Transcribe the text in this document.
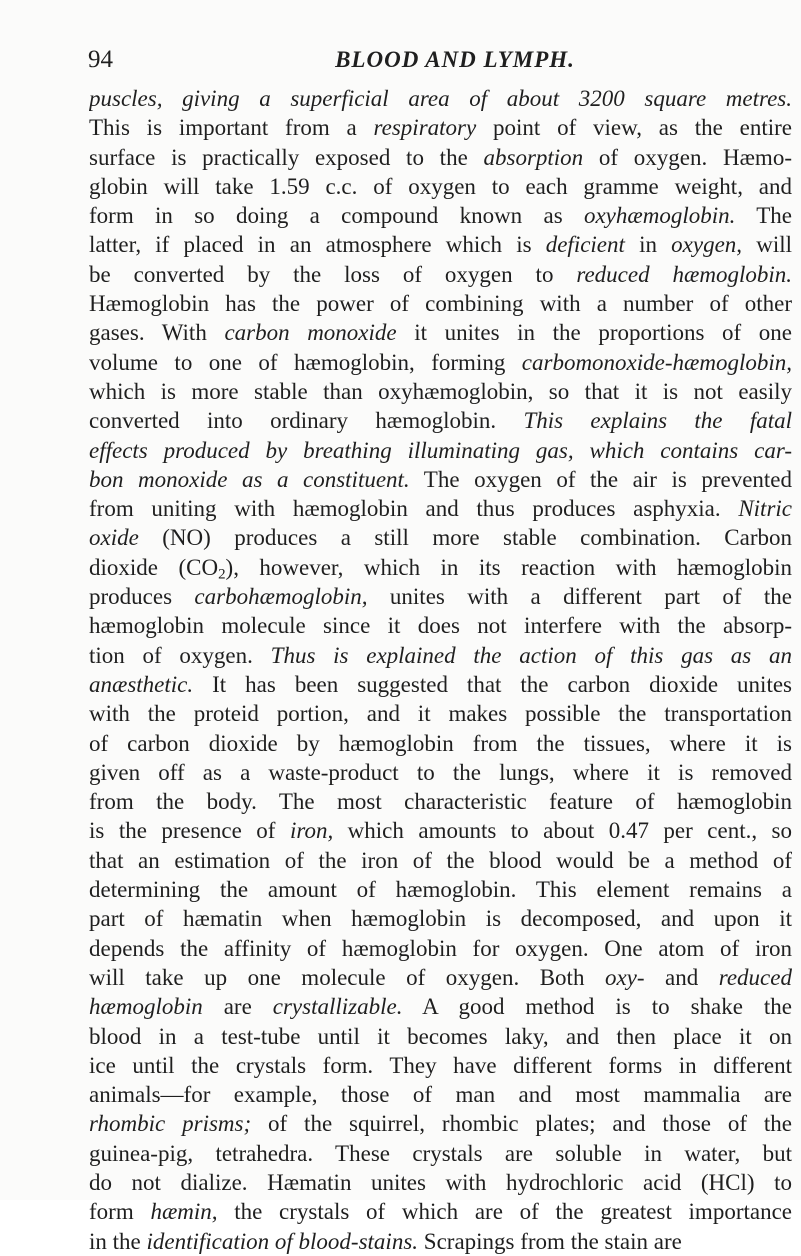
94	BLOOD AND LYMPH.
puscles, giving a superficial area of about 3200 square metres.
This is important from a respiratory point of view, as the entire
surface is practically exposed to the absorption of oxygen. Hæmo-
globin will take 1.59 c.c. of oxygen to each gramme weight, and
form in so doing a compound known as oxyhæmoglobin. The
latter, if placed in an atmosphere which is deficient in oxygen, will
be converted by the loss of oxygen to reduced hæmoglobin.
Hæmoglobin has the power of combining with a number of other
gases. With carbon monoxide it unites in the proportions of one
volume to one of hæmoglobin, forming carbomonoxide-hæmoglobin,
which is more stable than oxyhæmoglobin, so that it is not easily
converted into ordinary hæmoglobin. This explains the fatal
effects produced by breathing illuminating gas, which contains car-
bon monoxide as a constituent. The oxygen of the air is prevented
from uniting with hæmoglobin and thus produces asphyxia. Nitric
oxide (NO) produces a still more stable combination. Carbon
dioxide $(CO_2)$, however, which in its reaction with hæmoglobin
produces carbohæmoglobin, unites with a different part of the
hæmoglobin molecule since it does not interfere with the absorp-
tion of oxygen. Thus is explained the action of this gas as an
anæsthetic. It has been suggested that the carbon dioxide unites
with the proteid portion, and it makes possible the transportation
of carbon dioxide by hæmoglobin from the tissues, where it is
given off as a waste-product to the lungs, where it is removed
from the body. The most characteristic feature of hæmoglobin
is the presence of iron, which amounts to about 0.47 per cent., so
that an estimation of the iron of the blood would be a method of
determining the amount of hæmoglobin. This element remains a
part of hæmatin when hæmoglobin is decomposed, and upon it
depends the affinity of hæmoglobin for oxygen. One atom of iron
will take up one molecule of oxygen. Both oxy- and reduced
hæmoglobin are crystallizable. A good method is to shake the
blood in a test-tube until it becomes laky, and then place it on
ice until the crystals form. They have different forms in different
animals—for example, those of man and most mammalia are
rhombic prisms; of the squirrel, rhombic plates; and those of the
guinea-pig, tetrahedra. These crystals are soluble in water, but
do not dialize. Hæmatin unites with hydrochloric acid (HCl) to
form hæmin, the crystals of which are of the greatest importance
in the identification of blood-stains. Scrapings from the stain are
